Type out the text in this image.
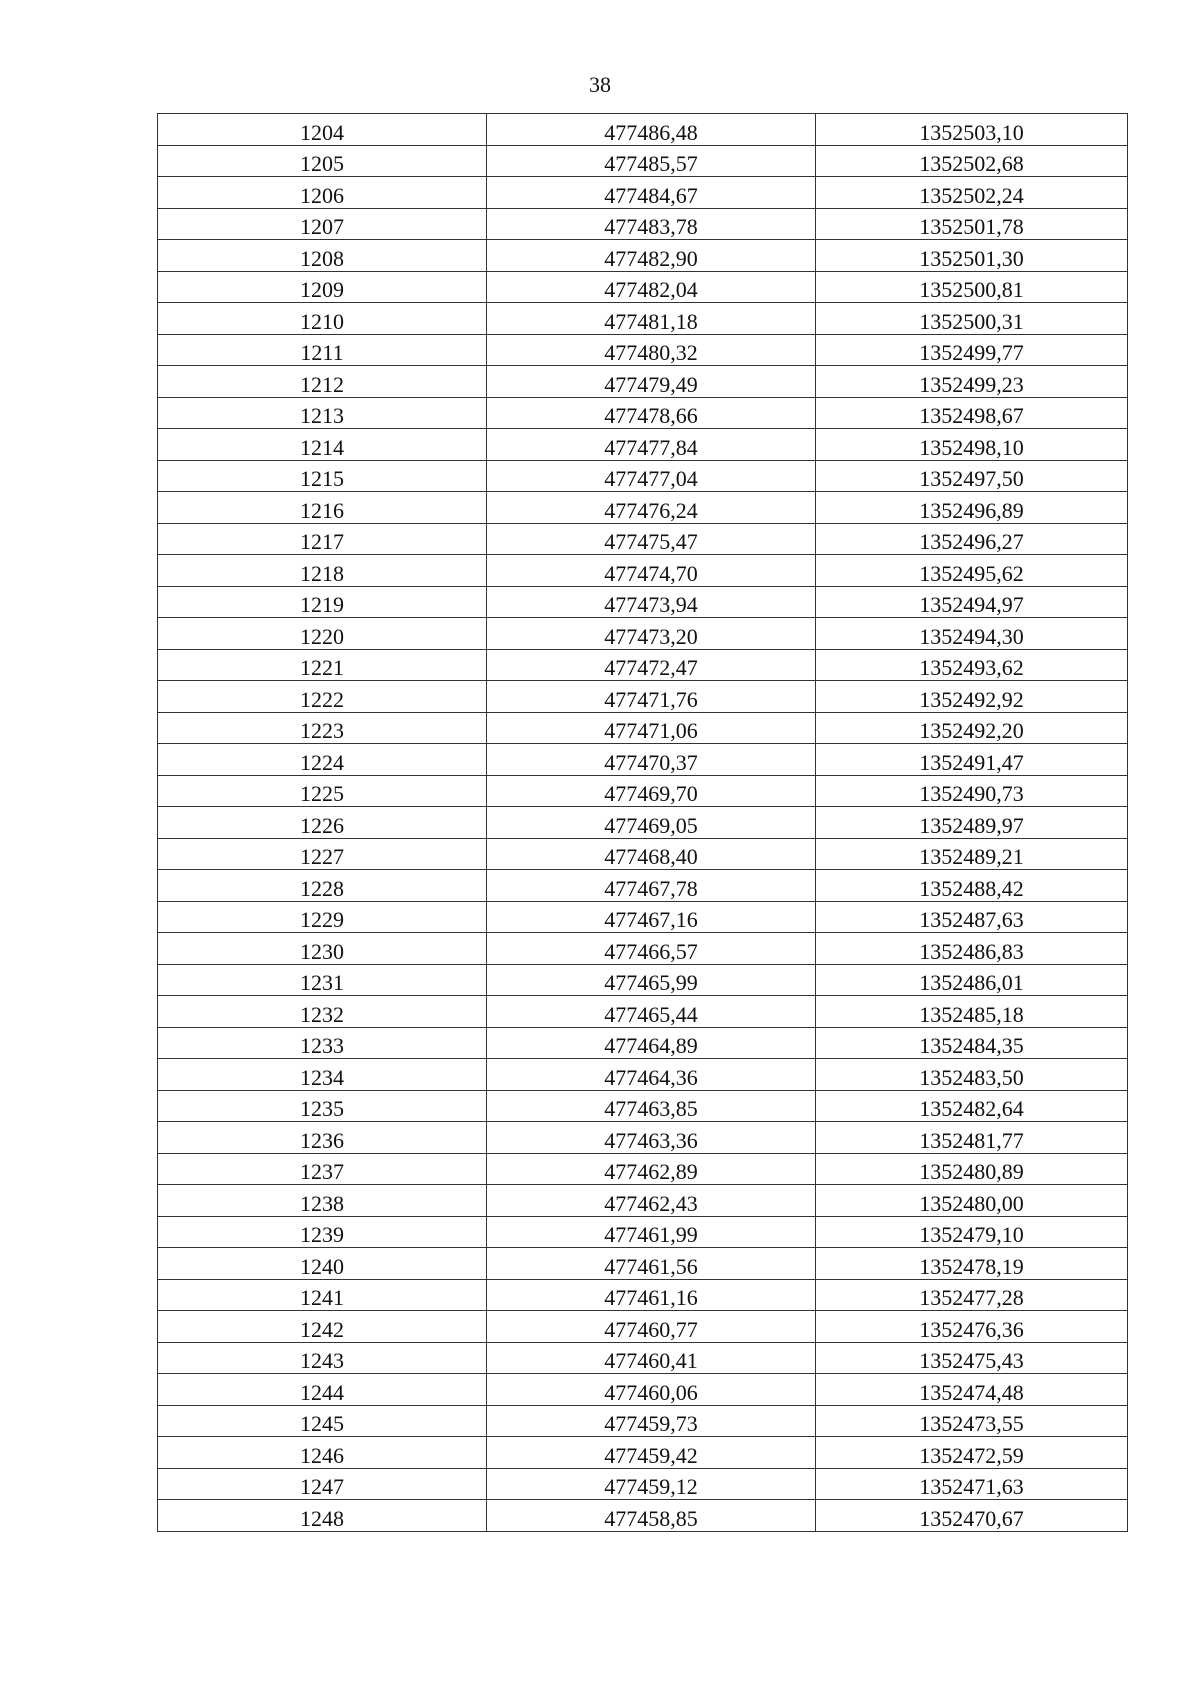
38
1204	477486,48	1352503,10
1205	477485,57	1352502,68
1206	477484,67	1352502,24
1207	477483,78	1352501,78
1208	477482,90	1352501,30
1209	477482,04	1352500,81
1210	477481,18	1352500,31
1211	477480,32	1352499,77
1212	477479,49	1352499,23
1213	477478,66	1352498,67
1214	477477,84	1352498,10
1215	477477,04	1352497,50
1216	477476,24	1352496,89
1217	477475,47	1352496,27
1218	477474,70	1352495,62
1219	477473,94	1352494,97
1220	477473,20	1352494,30
1221	477472,47	1352493,62
1222	477471,76	1352492,92
1223	477471,06	1352492,20
1224	477470,37	1352491,47
1225	477469,70	1352490,73
1226	477469,05	1352489,97
1227	477468,40	1352489,21
1228	477467,78	1352488,42
1229	477467,16	1352487,63
1230	477466,57	1352486,83
1231	477465,99	1352486,01
1232	477465,44	1352485,18
1233	477464,89	1352484,35
1234	477464,36	1352483,50
1235	477463,85	1352482,64
1236	477463,36	1352481,77
1237	477462,89	1352480,89
1238	477462,43	1352480,00
1239	477461,99	1352479,10
1240	477461,56	1352478,19
1241	477461,16	1352477,28
1242	477460,77	1352476,36
1243	477460,41	1352475,43
1244	477460,06	1352474,48
1245	477459,73	1352473,55
1246	477459,42	1352472,59
1247	477459,12	1352471,63
1248	477458,85	1352470,67
